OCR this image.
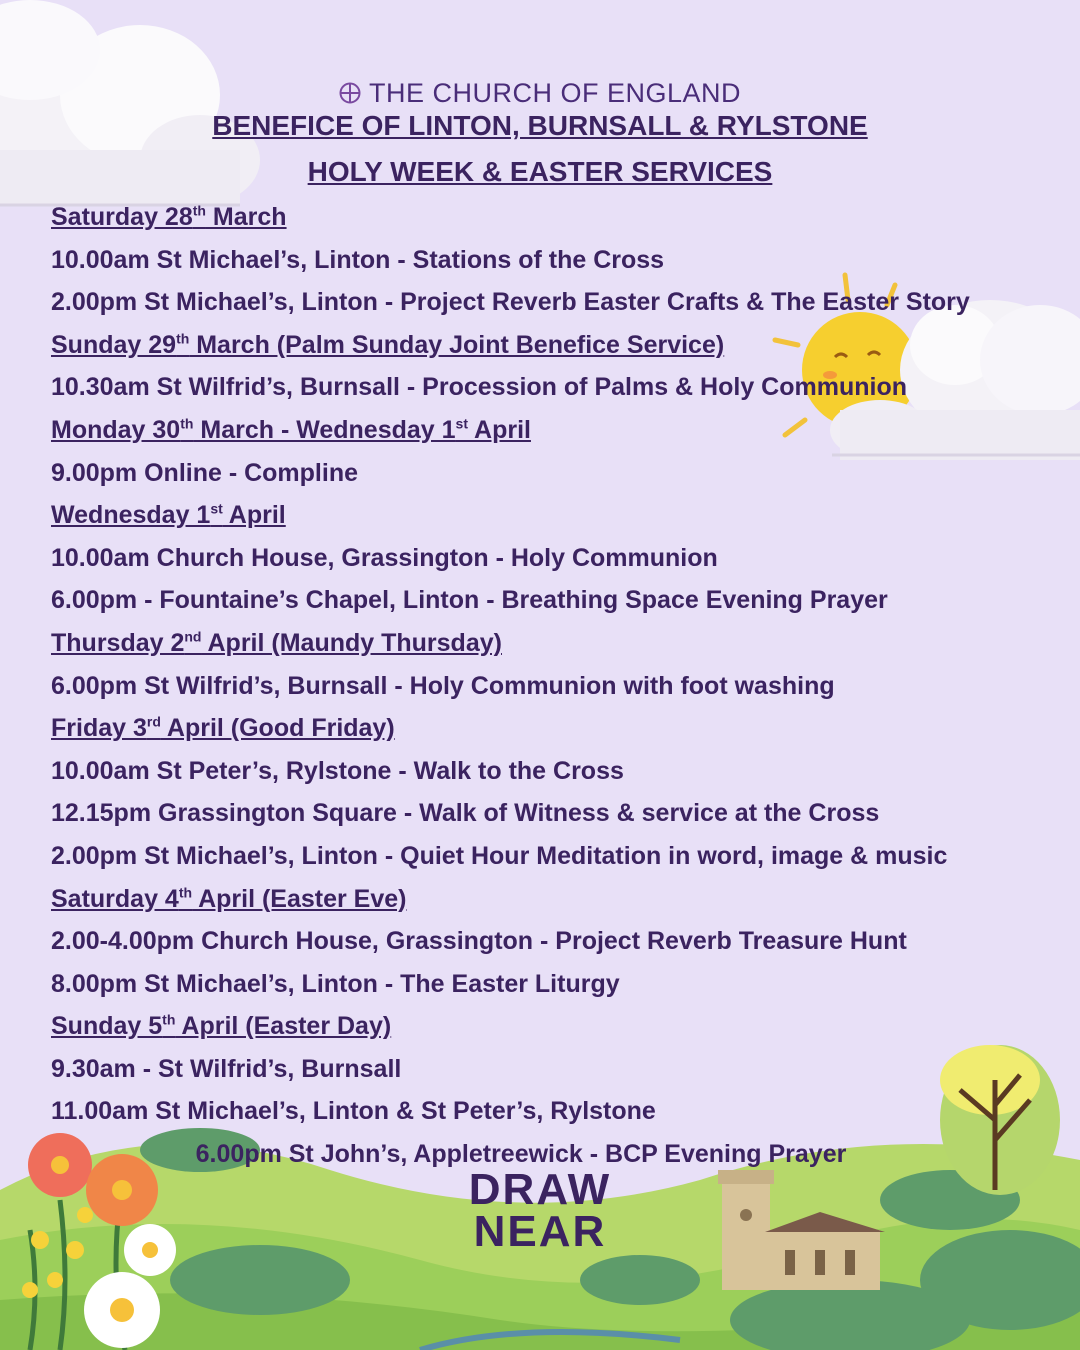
THE CHURCH OF ENGLAND
BENEFICE OF LINTON, BURNSALL & RYLSTONE
HOLY WEEK & EASTER SERVICES
Saturday 28th March
10.00am St Michael’s, Linton - Stations of the Cross
2.00pm St Michael’s, Linton - Project Reverb Easter Crafts & The Easter Story
Sunday 29th March (Palm Sunday Joint Benefice Service)
10.30am St Wilfrid’s, Burnsall - Procession of Palms & Holy Communion
Monday 30th March - Wednesday 1st April
9.00pm Online - Compline
Wednesday 1st April
10.00am Church House, Grassington - Holy Communion
6.00pm - Fountaine’s Chapel, Linton - Breathing Space Evening Prayer
Thursday 2nd April (Maundy Thursday)
6.00pm St Wilfrid’s, Burnsall - Holy Communion with foot washing
Friday 3rd April (Good Friday)
10.00am St Peter’s, Rylstone - Walk to the Cross
12.15pm Grassington Square - Walk of Witness & service at the Cross
2.00pm St Michael’s, Linton - Quiet Hour Meditation in word, image & music
Saturday 4th April (Easter Eve)
2.00-4.00pm Church House, Grassington - Project Reverb Treasure Hunt
8.00pm St Michael’s, Linton - The Easter Liturgy
Sunday 5th April (Easter Day)
9.30am - St Wilfrid’s, Burnsall
11.00am St Michael’s, Linton & St Peter’s, Rylstone
6.00pm St John’s, Appletreewick - BCP Evening Prayer
DRAW
NEAR
